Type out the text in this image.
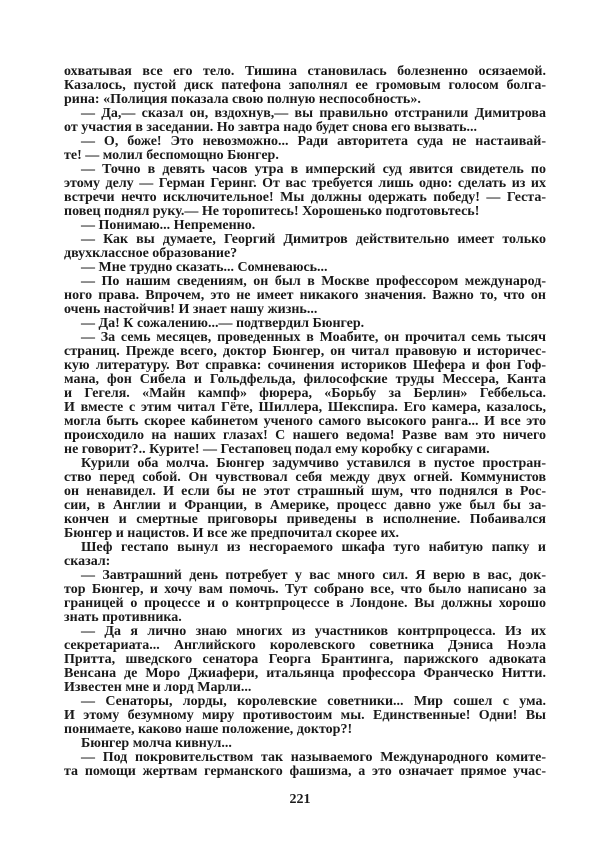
охватывая все его тело. Тишина становилась болезненно осязаемой.
Казалось, пустой диск патефона заполнял ее громовым голосом болга-
рина: «Полиция показала свою полную неспособность».
— Да,— сказал он, вздохнув,— вы правильно отстранили Димитрова
от участия в заседании. Но завтра надо будет снова его вызвать...
— О, боже! Это невозможно... Ради авторитета суда не настаивай-
те! — молил беспомощно Бюнгер.
— Точно в девять часов утра в имперский суд явится свидетель по
этому делу — Герман Геринг. От вас требуется лишь одно: сделать из их
встречи нечто исключительное! Мы должны одержать победу! — Геста-
повец поднял руку.— Не торопитесь! Хорошенько подготовьтесь!
— Понимаю... Непременно.
— Как вы думаете, Георгий Димитров действительно имеет только
двухклассное образование?
— Мне трудно сказать... Сомневаюсь...
— По нашим сведениям, он был в Москве профессором международ-
ного права. Впрочем, это не имеет никакого значения. Важно то, что он
очень настойчив! И знает нашу жизнь...
— Да! К сожалению...— подтвердил Бюнгер.
— За семь месяцев, проведенных в Моабите, он прочитал семь тысяч
страниц. Прежде всего, доктор Бюнгер, он читал правовую и историчес-
кую литературу. Вот справка: сочинения историков Шефера и фон Гоф-
мана, фон Сибела и Гольдфельда, философские труды Мессера, Канта
и Гегеля. «Майн кампф» фюрера, «Борьбу за Берлин» Геббельса.
И вместе с этим читал Гёте, Шиллера, Шекспира. Его камера, казалось,
могла быть скорее кабинетом ученого самого высокого ранга... И все это
происходило на наших глазах! С нашего ведома! Разве вам это ничего
не говорит?.. Курите! — Гестаповец подал ему коробку с сигарами.
Курили оба молча. Бюнгер задумчиво уставился в пустое простран-
ство перед собой. Он чувствовал себя между двух огней. Коммунистов
он ненавидел. И если бы не этот страшный шум, что поднялся в Рос-
сии, в Англии и Франции, в Америке, процесс давно уже был бы за-
кончен и смертные приговоры приведены в исполнение. Побаивался
Бюнгер и нацистов. И все же предпочитал скорее их.
Шеф гестапо вынул из несгораемого шкафа туго набитую папку и
сказал:
— Завтрашний день потребует у вас много сил. Я верю в вас, док-
тор Бюнгер, и хочу вам помочь. Тут собрано все, что было написано за
границей о процессе и о контрпроцессе в Лондоне. Вы должны хорошо
знать противника.
— Да я лично знаю многих из участников контрпроцесса. Из их
секретариата... Английского королевского советника Дэниса Ноэла
Притта, шведского сенатора Георга Брантинга, парижского адвоката
Венсана де Моро Джиафери, итальянца профессора Франческо Нитти.
Известен мне и лорд Марли...
— Сенаторы, лорды, королевские советники... Мир сошел с ума.
И этому безумному миру противостоим мы. Единственные! Одни! Вы
понимаете, каково наше положение, доктор?!
Бюнгер молча кивнул...
— Под покровительством так называемого Международного комите-
та помощи жертвам германского фашизма, а это означает прямое учас-
221
